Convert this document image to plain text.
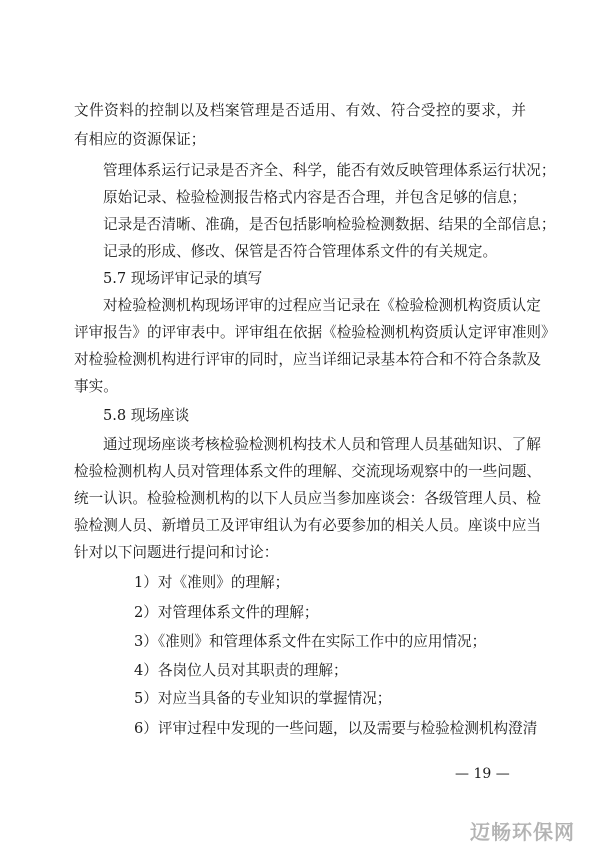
文件资料的控制以及档案管理是否适用、有效、符合受控的要求，并
有相应的资源保证；
管理体系运行记录是否齐全、科学，能否有效反映管理体系运行状况；
原始记录、检验检测报告格式内容是否合理，并包含足够的信息；
记录是否清晰、准确，是否包括影响检验检测数据、结果的全部信息；
记录的形成、修改、保管是否符合管理体系文件的有关规定。
5.7 现场评审记录的填写
对检验检测机构现场评审的过程应当记录在《检验检测机构资质认定
评审报告》的评审表中。评审组在依据《检验检测机构资质认定评审准则》
对检验检测机构进行评审的同时，应当详细记录基本符合和不符合条款及
事实。
5.8 现场座谈
通过现场座谈考核检验检测机构技术人员和管理人员基础知识、了解
检验检测机构人员对管理体系文件的理解、交流现场观察中的一些问题、
统一认识。检验检测机构的以下人员应当参加座谈会：各级管理人员、检
验检测人员、新增员工及评审组认为有必要参加的相关人员。座谈中应当
针对以下问题进行提问和讨论：
1）对《准则》的理解；
2）对管理体系文件的理解；
3）《准则》和管理体系文件在实际工作中的应用情况；
4）各岗位人员对其职责的理解；
5）对应当具备的专业知识的掌握情况；
6）评审过程中发现的一些问题，以及需要与检验检测机构澄清
— 19 —
迈畅环保网
